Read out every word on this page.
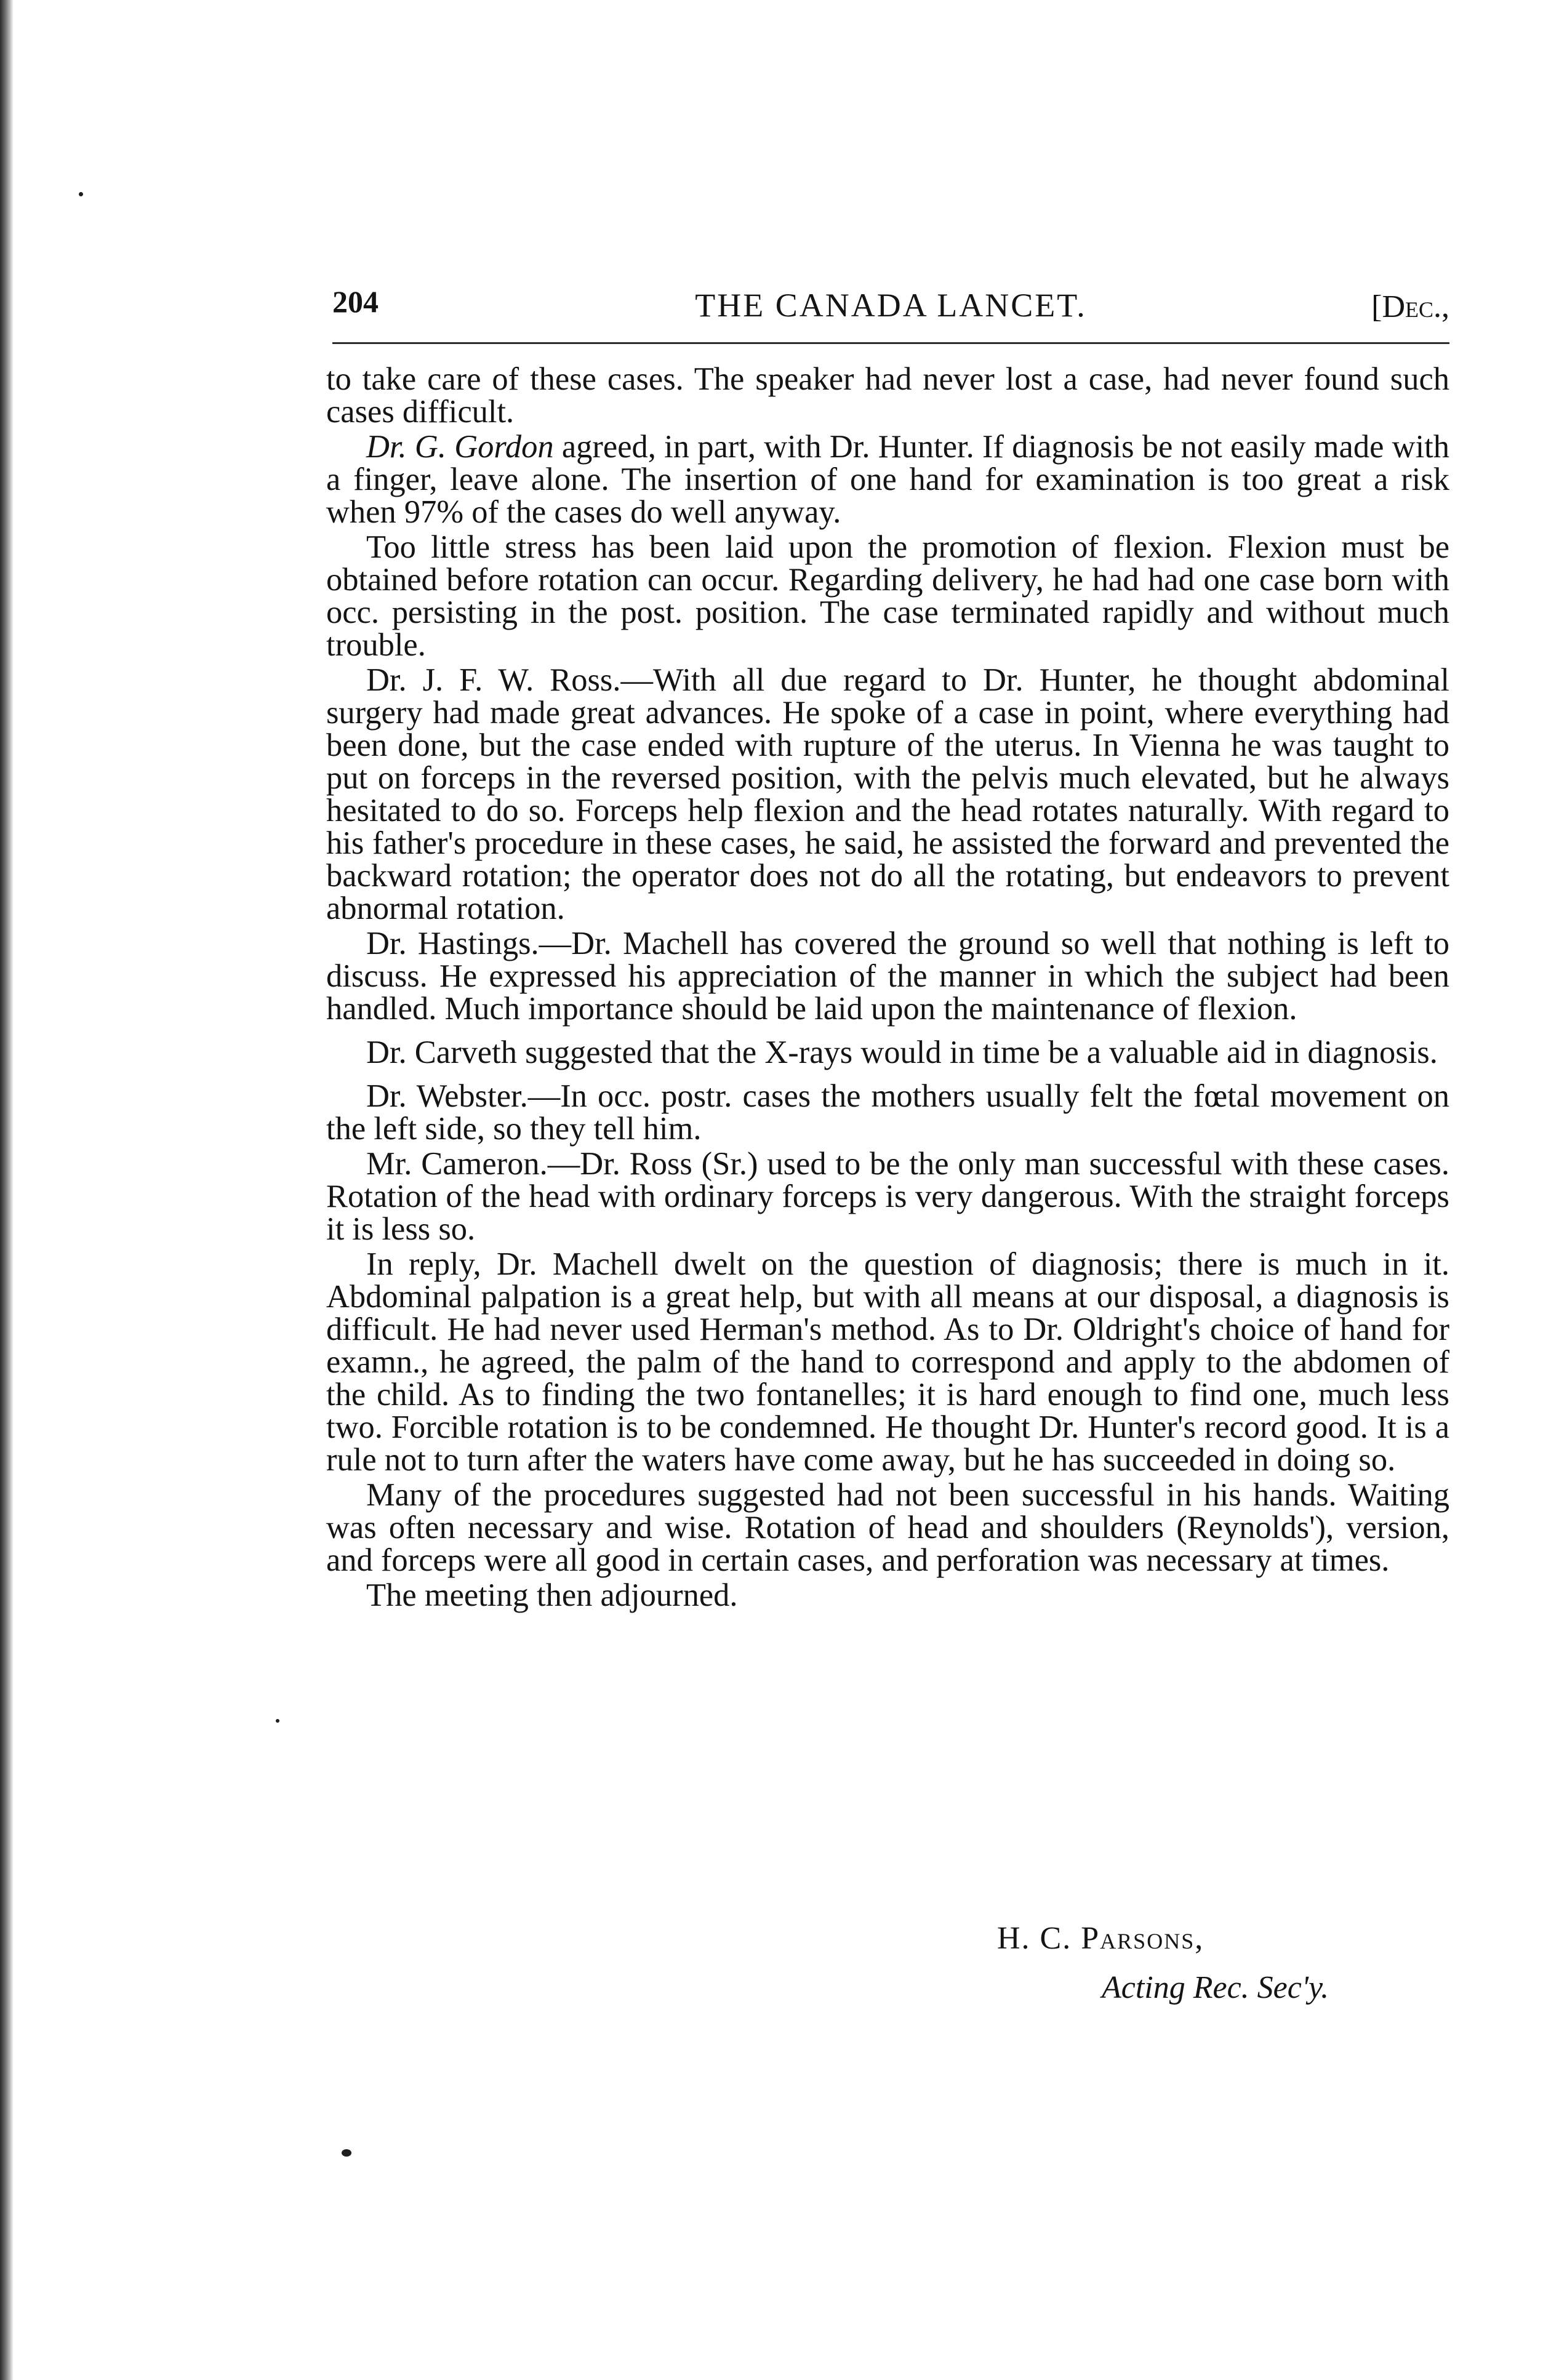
204	THE CANADA LANCET.	[Dec.,

to take care of these cases. The speaker had never lost a case, had never found such cases difficult.

Dr. G. Gordon agreed, in part, with Dr. Hunter. If diagnosis be not easily made with a finger, leave alone. The insertion of one hand for examination is too great a risk when 97% of the cases do well anyway.

Too little stress has been laid upon the promotion of flexion. Flexion must be obtained before rotation can occur. Regarding delivery, he had had one case born with occ. persisting in the post. position. The case terminated rapidly and without much trouble.

Dr. J. F. W. Ross.—With all due regard to Dr. Hunter, he thought abdominal surgery had made great advances. He spoke of a case in point, where everything had been done, but the case ended with rupture of the uterus. In Vienna he was taught to put on forceps in the reversed position, with the pelvis much elevated, but he always hesitated to do so. Forceps help flexion and the head rotates naturally. With regard to his father's procedure in these cases, he said, he assisted the forward and prevented the backward rotation; the operator does not do all the rotating, but endeavors to prevent abnormal rotation.

Dr. Hastings.—Dr. Machell has covered the ground so well that nothing is left to discuss. He expressed his appreciation of the manner in which the subject had been handled. Much importance should be laid upon the maintenance of flexion.

Dr. Carveth suggested that the X-rays would in time be a valuable aid in diagnosis.

Dr. Webster.—In occ. postr. cases the mothers usually felt the fœtal movement on the left side, so they tell him.

Mr. Cameron.—Dr. Ross (Sr.) used to be the only man successful with these cases. Rotation of the head with ordinary forceps is very dangerous. With the straight forceps it is less so.

In reply, Dr. Machell dwelt on the question of diagnosis; there is much in it. Abdominal palpation is a great help, but with all means at our disposal, a diagnosis is difficult. He had never used Herman's method. As to Dr. Oldright's choice of hand for examn., he agreed, the palm of the hand to correspond and apply to the abdomen of the child. As to finding the two fontanelles; it is hard enough to find one, much less two. Forcible rotation is to be condemned. He thought Dr. Hunter's record good. It is a rule not to turn after the waters have come away, but he has succeeded in doing so.

Many of the procedures suggested had not been successful in his hands. Waiting was often necessary and wise. Rotation of head and shoulders (Reynolds'), version, and forceps were all good in certain cases, and perforation was necessary at times.

The meeting then adjourned.

H. C. Parsons,
Acting Rec. Sec'y.
